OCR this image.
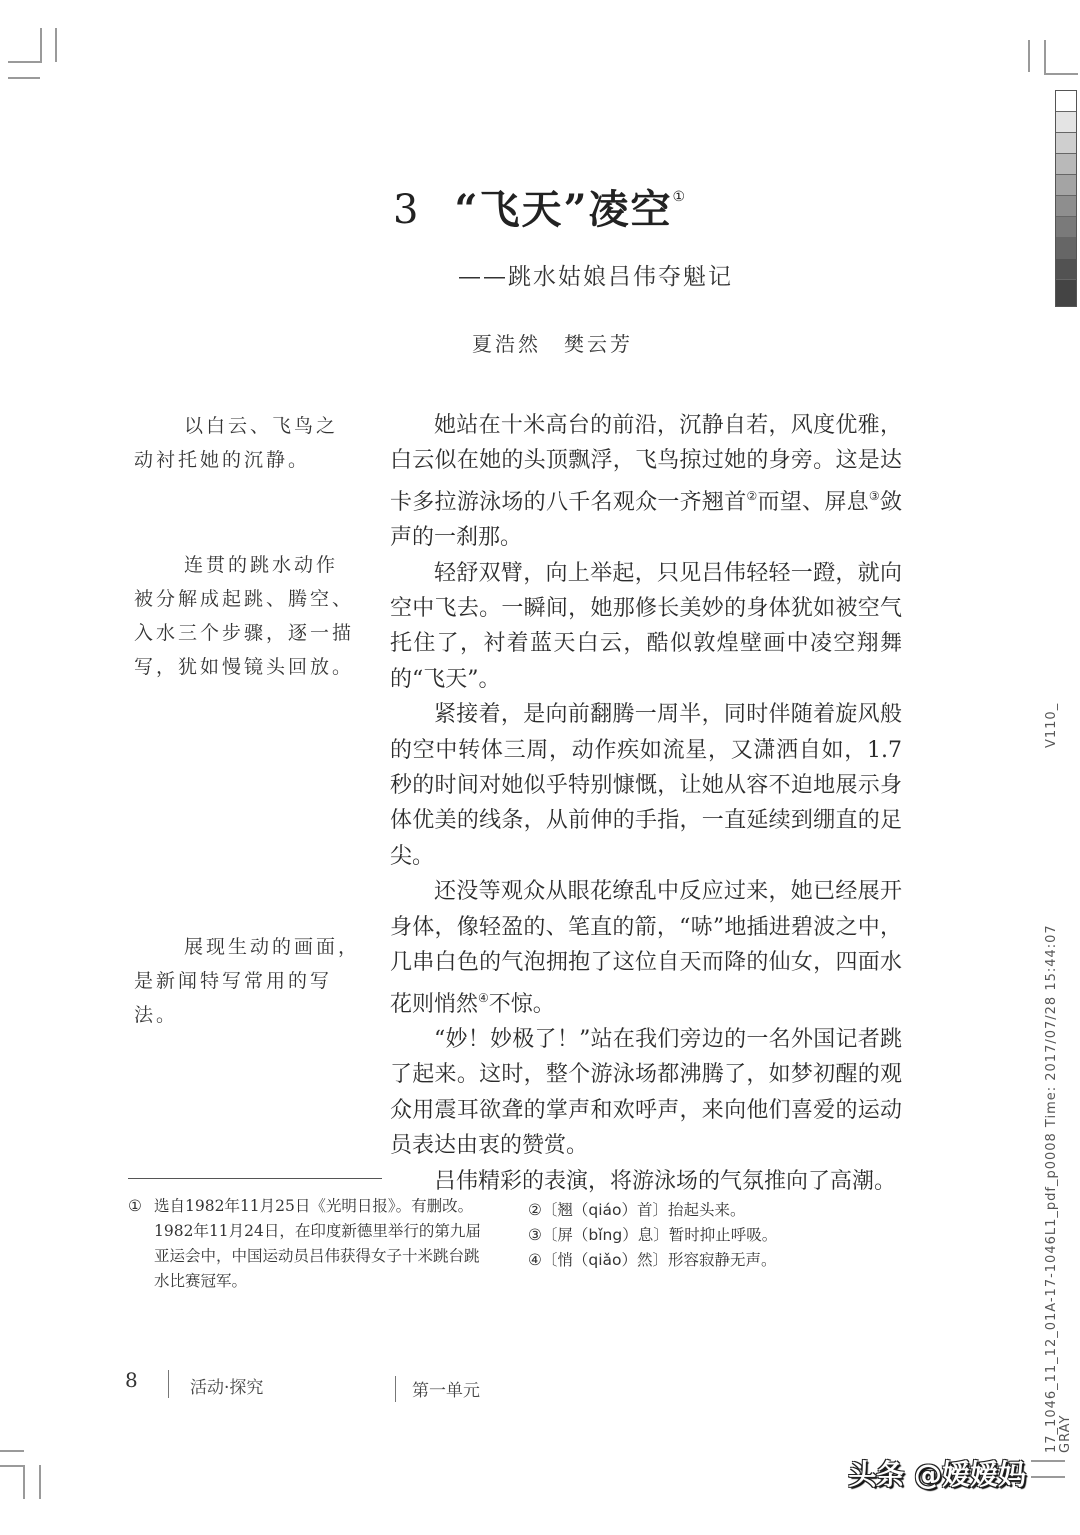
3 “飞天”凌空①
——跳水姑娘吕伟夺魁记
夏浩然　樊云芳
以白云、飞鸟之
动衬托她的沉静。
连贯的跳水动作
被分解成起跳、腾空、入水三个步骤，逐一描写，犹如慢镜头回放。
展现生动的画面，
是新闻特写常用的写法。

她站在十米高台的前沿，沉静自若，风度优雅，白云似在她的头顶飘浮，飞鸟掠过她的身旁。这是达卡多拉游泳场的八千名观众一齐翘首②而望、屏息③敛声的一刹那。

轻舒双臂，向上举起，只见吕伟轻轻一蹬，就向空中飞去。一瞬间，她那修长美妙的身体犹如被空气托住了，衬着蓝天白云，酷似敦煌壁画中凌空翔舞的“飞天”。

紧接着，是向前翻腾一周半，同时伴随着旋风般的空中转体三周，动作疾如流星，又潇洒自如，1.7秒的时间对她似乎特别慷慨，让她从容不迫地展示身体优美的线条，从前伸的手指，一直延续到绷直的足尖。

还没等观众从眼花缭乱中反应过来，她已经展开身体，像轻盈的、笔直的箭，“哧”地插进碧波之中，几串白色的气泡拥抱了这位自天而降的仙女，四面水花则悄然④不惊。

“妙！妙极了！”站在我们旁边的一名外国记者跳了起来。这时，整个游泳场都沸腾了，如梦初醒的观众用震耳欲聋的掌声和欢呼声，来向他们喜爱的运动员表达由衷的赞赏。

吕伟精彩的表演，将游泳场的气氛推向了高潮。

① 选自1982年11月25日《光明日报》。有删改。
1982年11月24日，在印度新德里举行的第九届亚运会中，中国运动员吕伟获得女子十米跳台跳水比赛冠军。
②〔翘（qiáo）首〕抬起头来。
③〔屏（bǐng）息〕暂时抑止呼吸。
④〔悄（qiǎo）然〕形容寂静无声。
8	活动·探究	第一单元
V110_
17_1046_11_12_01A-17-1046L1_pdf_p0008 Time: 2017/07/28 15:44:07 GRAY
头条 @嫒嫒妈
